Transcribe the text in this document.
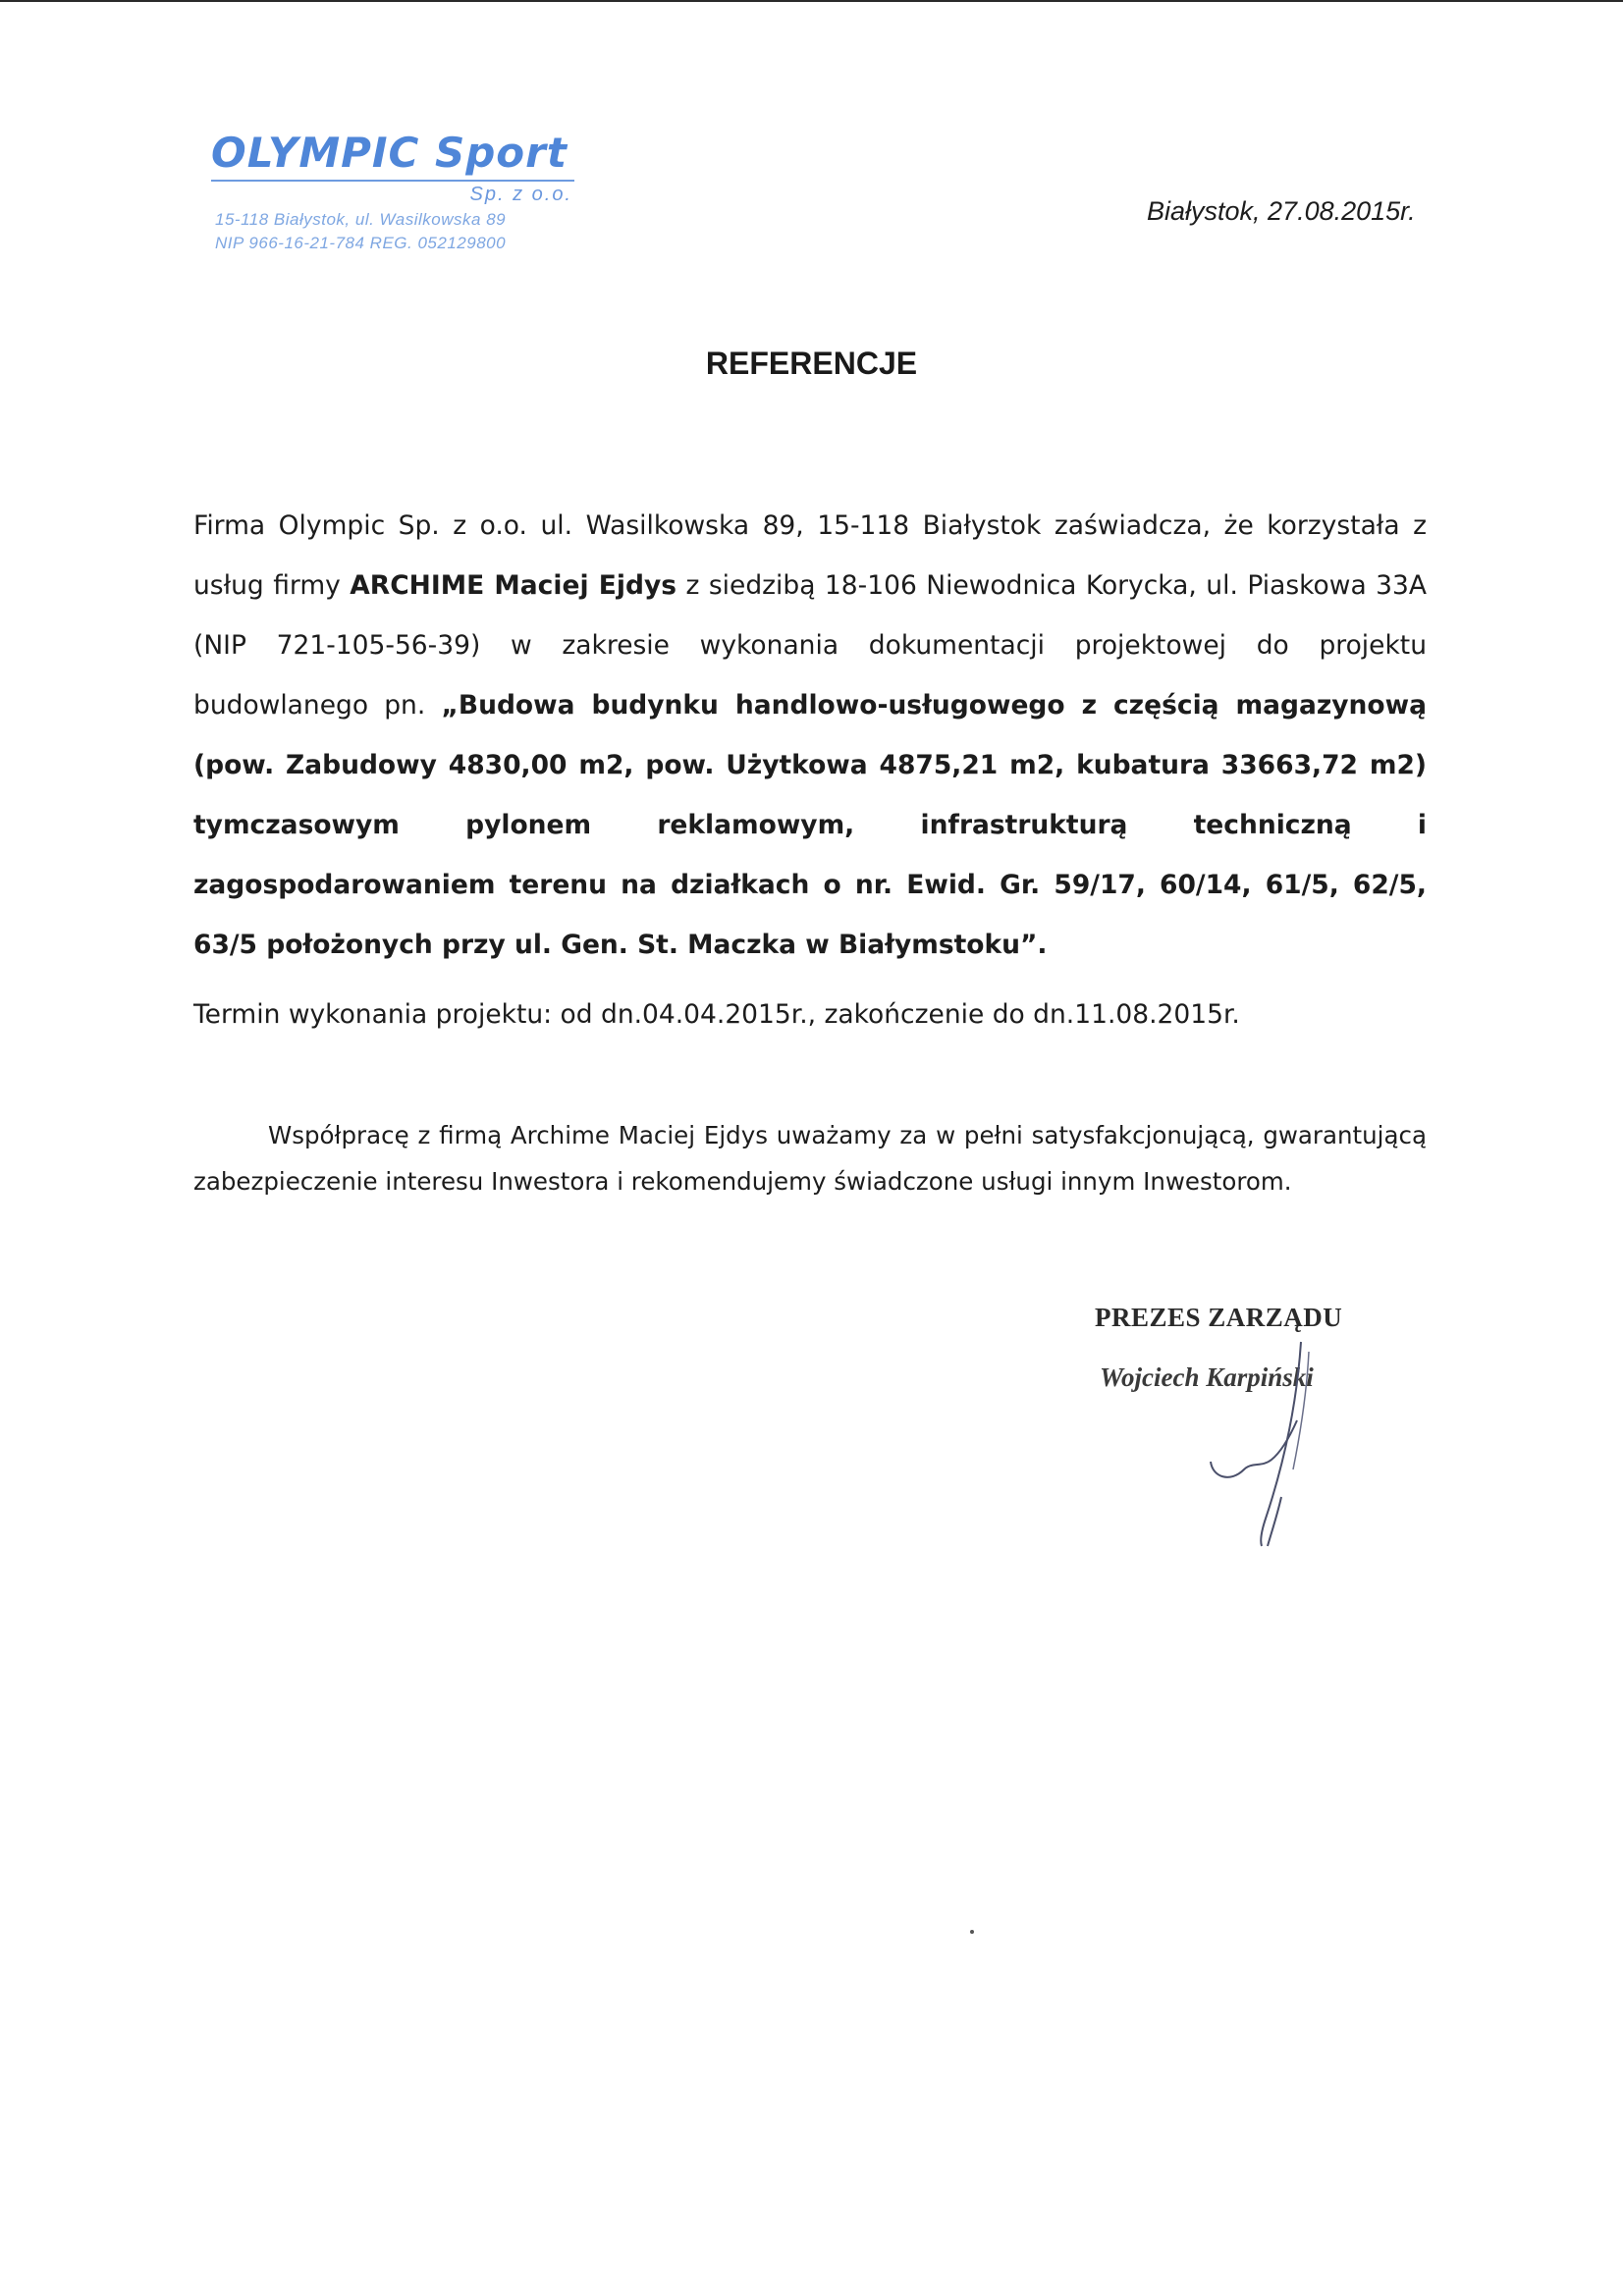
OLYMPIC Sport
Sp. z o.o.
15-118 Białystok, ul. Wasilkowska 89
NIP 966-16-21-784 REG. 052129800
Białystok, 27.08.2015r.
REFERENCJE
Firma Olympic Sp. z o.o. ul. Wasilkowska 89, 15-118 Białystok zaświadcza, że korzystała z usług firmy ARCHIME Maciej Ejdys z siedzibą 18-106 Niewodnica Korycka, ul. Piaskowa 33A (NIP 721-105-56-39) w zakresie wykonania dokumentacji projektowej do projektu budowlanego pn. „Budowa budynku handlowo-usługowego z częścią magazynową (pow. Zabudowy 4830,00 m2, pow. Użytkowa 4875,21 m2, kubatura 33663,72 m2) tymczasowym pylonem reklamowym, infrastrukturą techniczną i zagospodarowaniem terenu na działkach o nr. Ewid. Gr. 59/17, 60/14, 61/5, 62/5, 63/5 położonych przy ul. Gen. St. Maczka w Białymstoku”.
Termin wykonania projektu: od dn.04.04.2015r., zakończenie do dn.11.08.2015r.
Współpracę z firmą Archime Maciej Ejdys uważamy za w pełni satysfakcjonującą, gwarantującą zabezpieczenie interesu Inwestora i rekomendujemy świadczone usługi innym Inwestorom.
PREZES ZARZĄDU
Wojciech Karpiński
